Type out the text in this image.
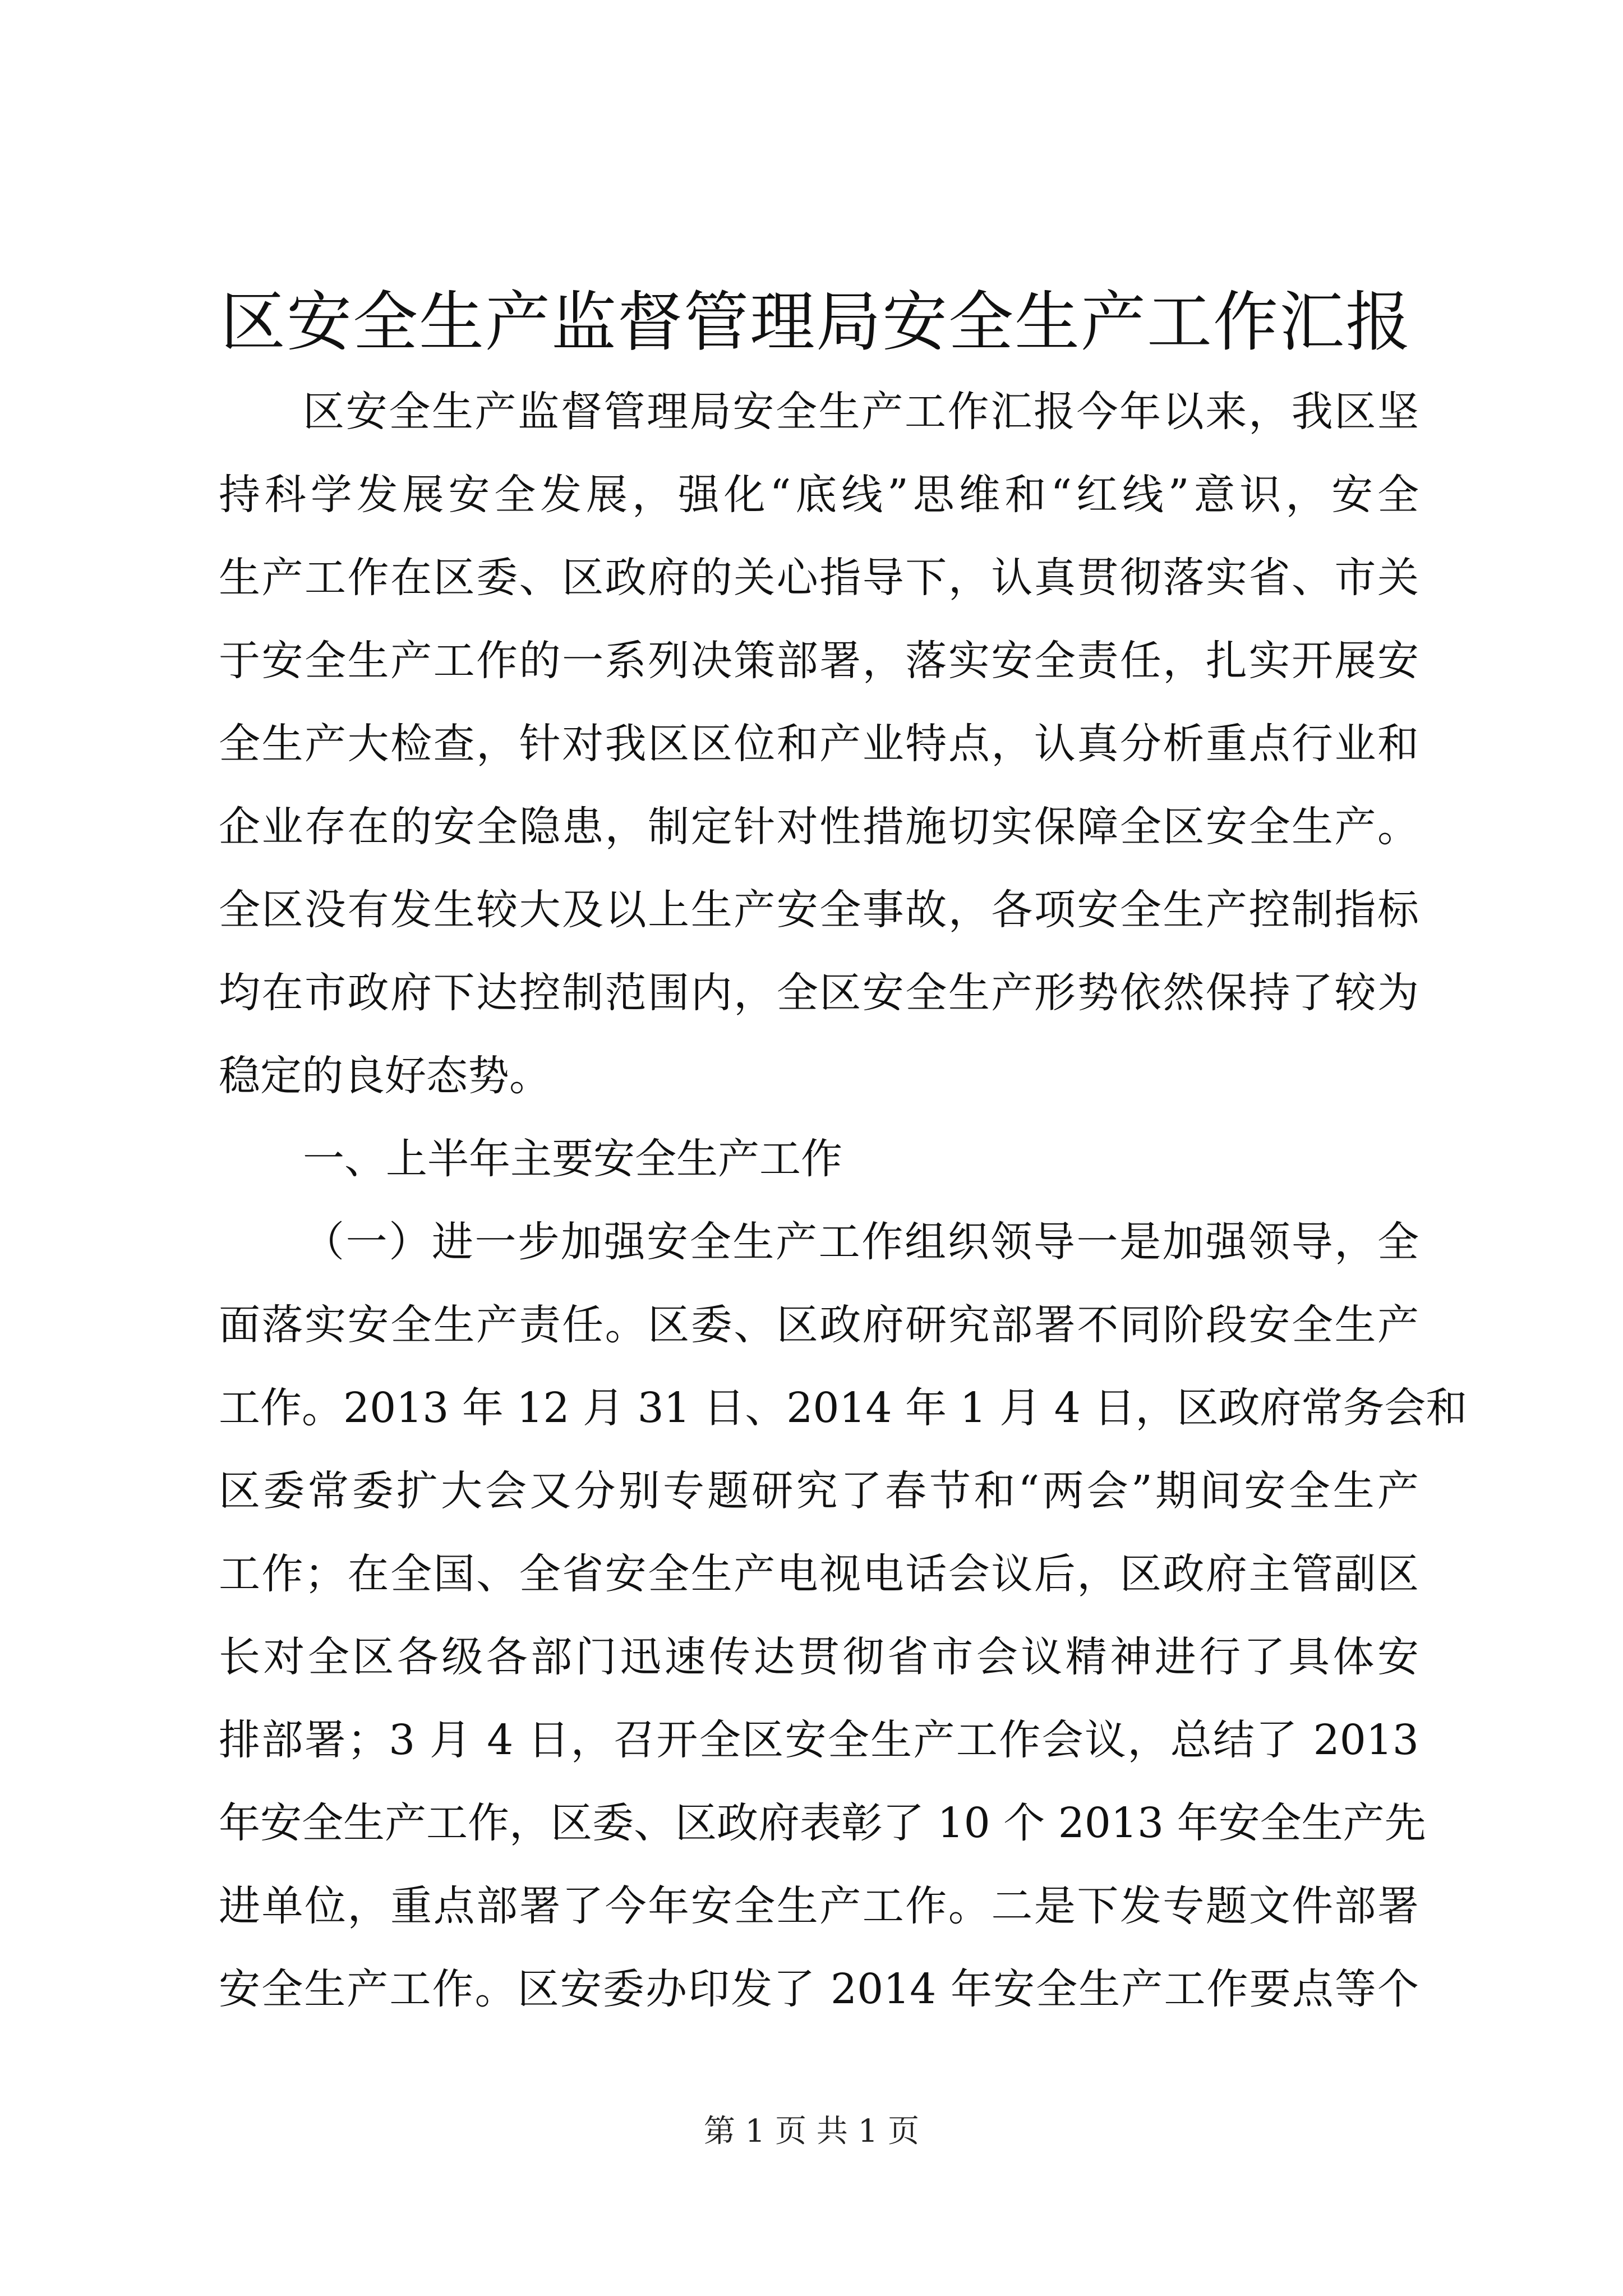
区安全生产监督管理局安全生产工作汇报
区安全生产监督管理局安全生产工作汇报今年以来，我区坚
持科学发展安全发展，强化“底线”思维和“红线”意识，安全
生产工作在区委、区政府的关心指导下，认真贯彻落实省、市关
于安全生产工作的一系列决策部署，落实安全责任，扎实开展安
全生产大检查，针对我区区位和产业特点，认真分析重点行业和
企业存在的安全隐患，制定针对性措施切实保障全区安全生产。
全区没有发生较大及以上生产安全事故，各项安全生产控制指标
均在市政府下达控制范围内，全区安全生产形势依然保持了较为
稳定的良好态势。
一、上半年主要安全生产工作
（一）进一步加强安全生产工作组织领导一是加强领导，全
面落实安全生产责任。区委、区政府研究部署不同阶段安全生产
工作。2013 年 12 月 31 日、2014 年 1 月 4 日，区政府常务会和
区委常委扩大会又分别专题研究了春节和“两会”期间安全生产
工作；在全国、全省安全生产电视电话会议后，区政府主管副区
长对全区各级各部门迅速传达贯彻省市会议精神进行了具体安
排部署；3 月 4 日，召开全区安全生产工作会议，总结了 2013
年安全生产工作，区委、区政府表彰了 10 个 2013 年安全生产先
进单位，重点部署了今年安全生产工作。二是下发专题文件部署
安全生产工作。区安委办印发了 2014 年安全生产工作要点等个
第 1 页 共 1 页
